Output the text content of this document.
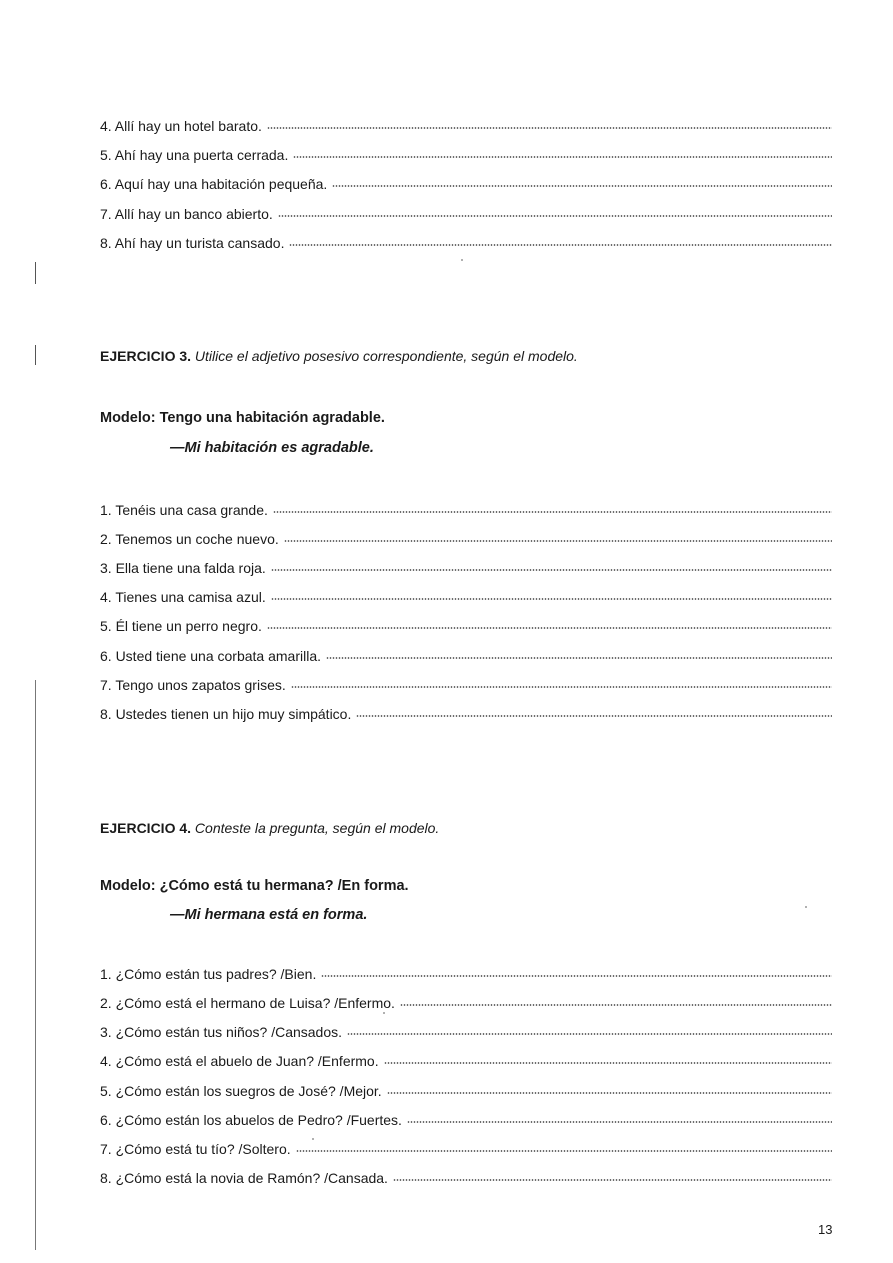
4. Allí hay un hotel barato.
5. Ahí hay una puerta cerrada.
6. Aquí hay una habitación pequeña.
7. Allí hay un banco abierto.
8. Ahí hay un turista cansado.
EJERCICIO 3. Utilice el adjetivo posesivo correspondiente, según el modelo.
Modelo: Tengo una habitación agradable.
—Mi habitación es agradable.
1. Tenéis una casa grande.
2. Tenemos un coche nuevo.
3. Ella tiene una falda roja.
4. Tienes una camisa azul.
5. Él tiene un perro negro.
6. Usted tiene una corbata amarilla.
7. Tengo unos zapatos grises.
8. Ustedes tienen un hijo muy simpático.
EJERCICIO 4. Conteste la pregunta, según el modelo.
Modelo: ¿Cómo está tu hermana? /En forma.
—Mi hermana está en forma.
1. ¿Cómo están tus padres? /Bien.
2. ¿Cómo está el hermano de Luisa? /Enfermo.
3. ¿Cómo están tus niños? /Cansados.
4. ¿Cómo está el abuelo de Juan? /Enfermo.
5. ¿Cómo están los suegros de José? /Mejor.
6. ¿Cómo están los abuelos de Pedro? /Fuertes.
7. ¿Cómo está tu tío? /Soltero.
8. ¿Cómo está la novia de Ramón? /Cansada.
13
